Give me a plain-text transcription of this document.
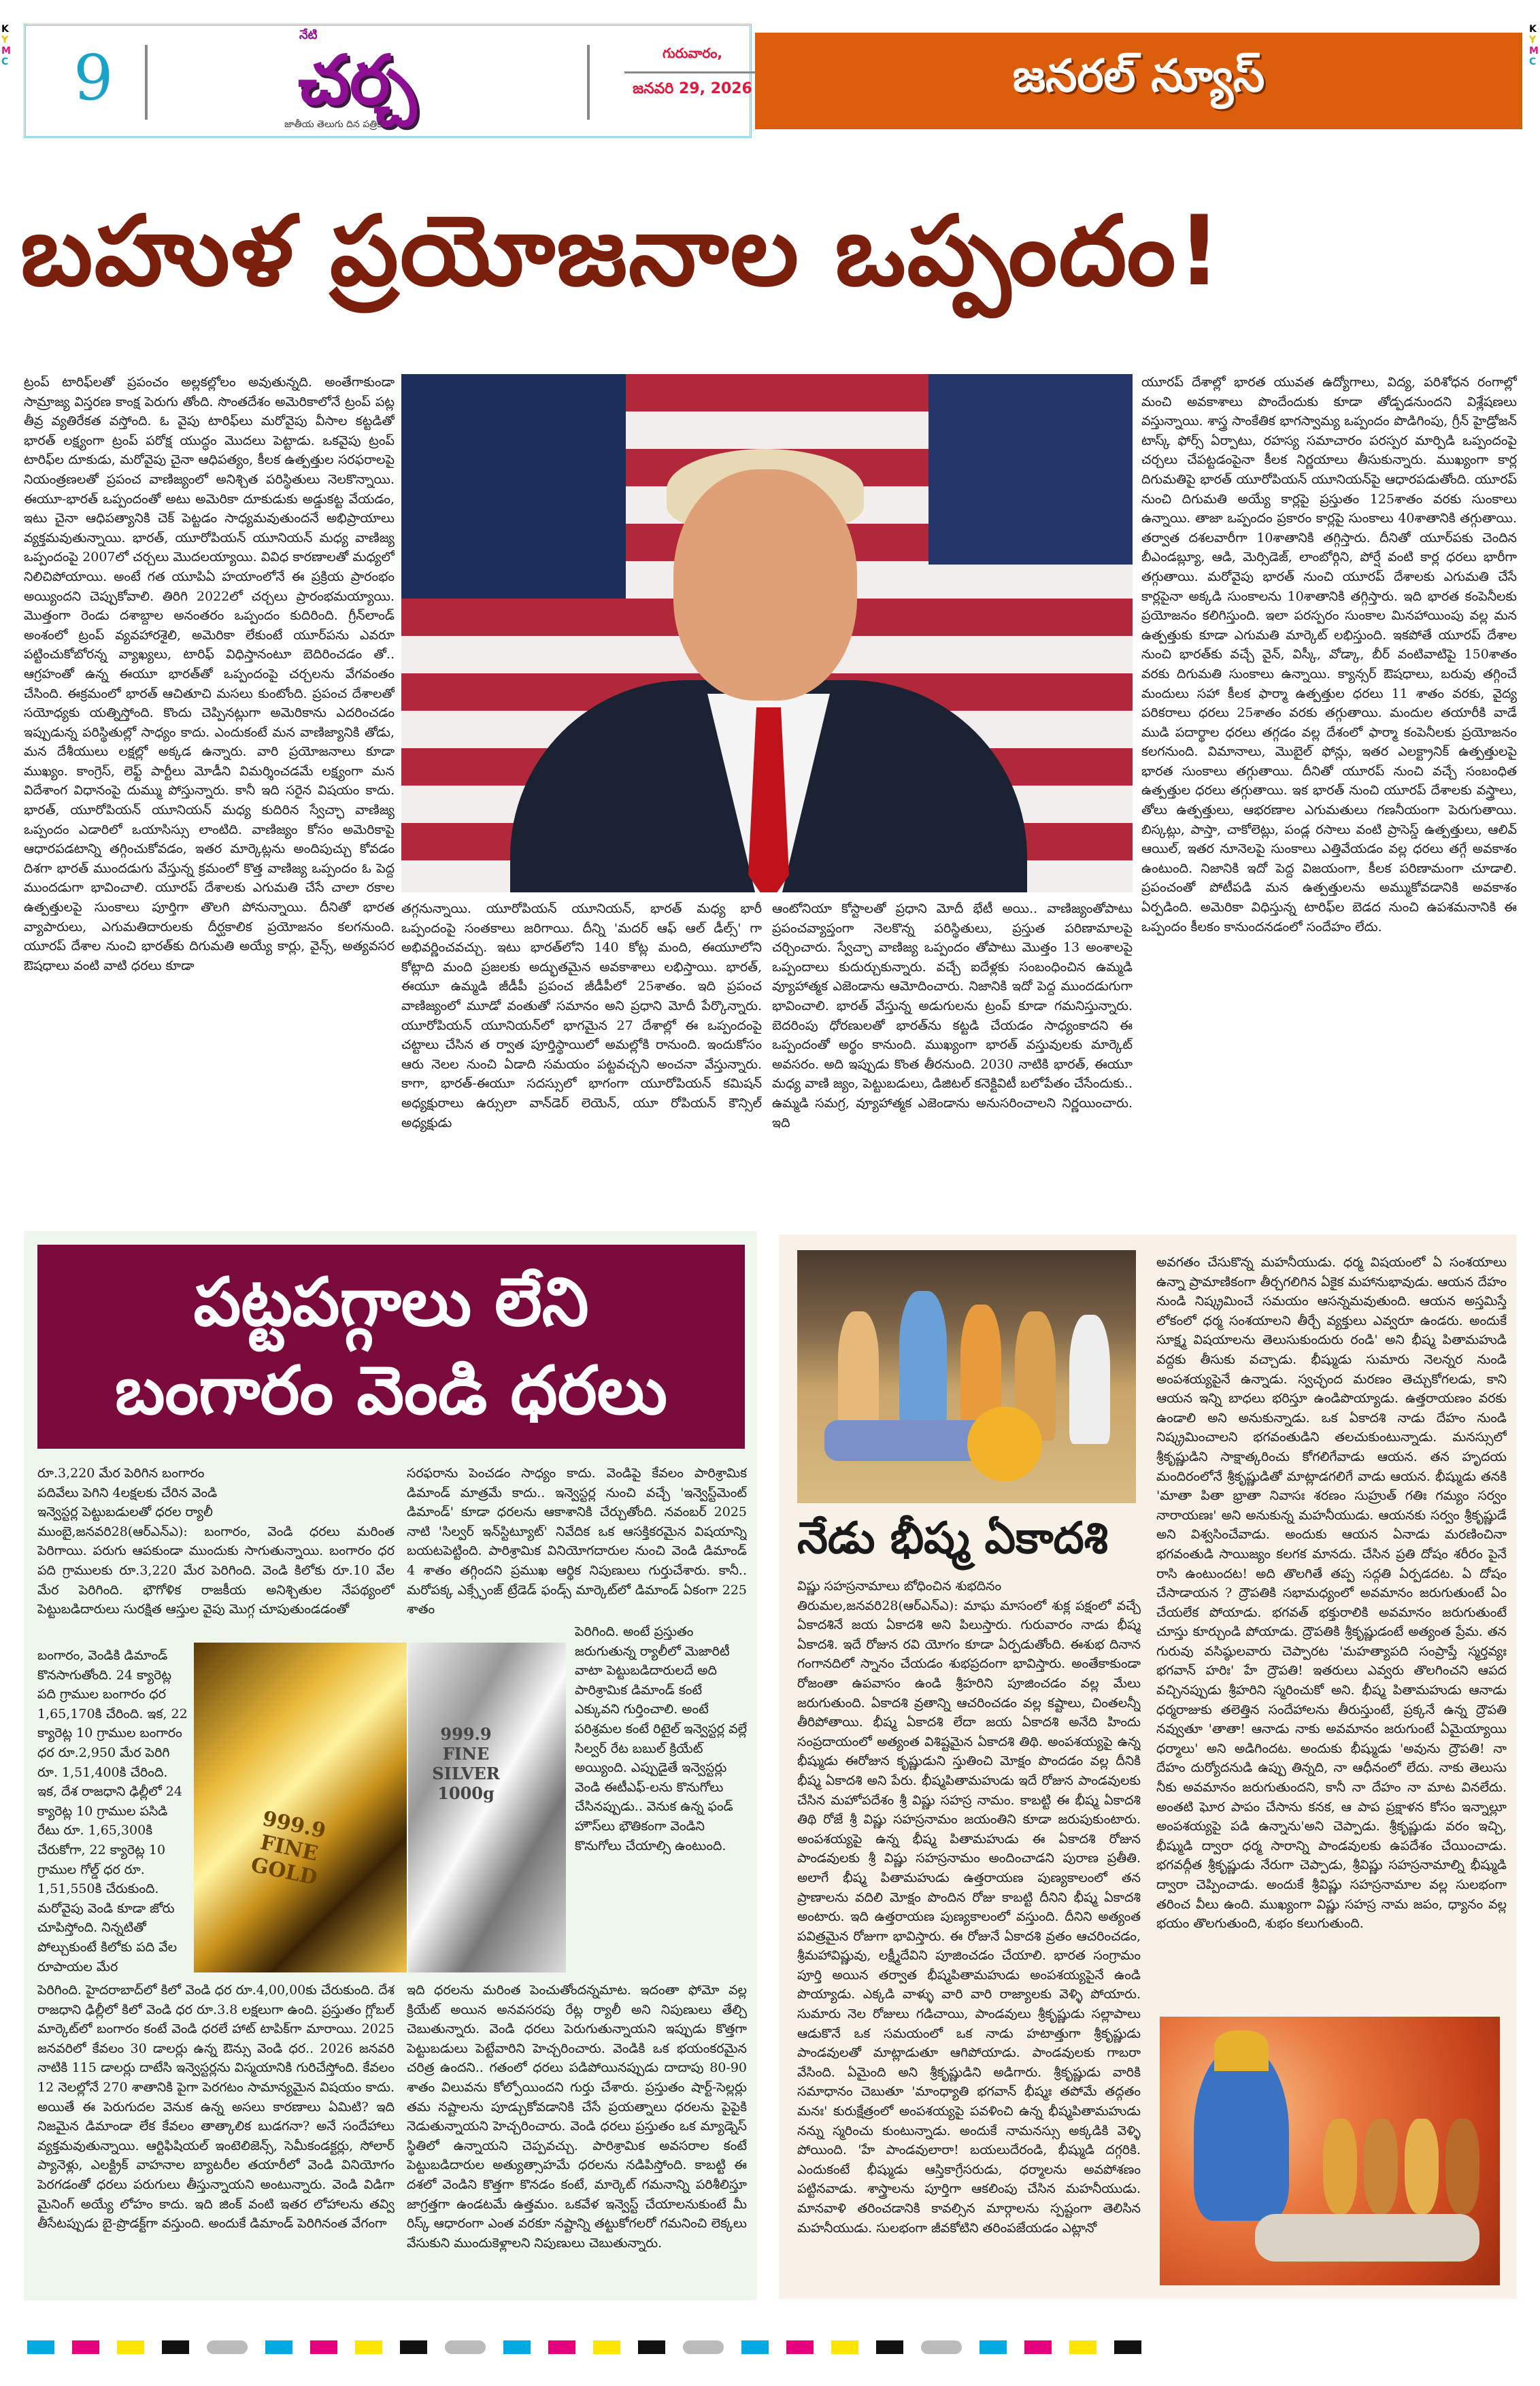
K
Y
M
C
K
Y
M
C
9
నేటి
చర్చ
జాతీయ తెలుగు దిన పత్రిక
గురువారం,
జనవరి 29, 2026	జనరల్ న్యూస్
బహుళ ప్రయోజనాల ఒప్పందం!

ట్రంప్ టారిఫ్‌లతో ప్రపంచం అల్లకల్లోలం అవుతున్నది. అంతేగాకుండా సామ్రాజ్య విస్తరణ కాంక్ష పెరుగు తోంది. సొంతదేశం అమెరికాలోనే ట్రంప్ పట్ల తీవ్ర వ్యతిరేకత వస్తోంది. ఓ వైపు టారిఫ్‌లు మరోవైపు వీసాల కట్టడితో భారత్ లక్ష్యంగా ట్రంప్ పరోక్ష యుద్ధం మొదలు పెట్టాడు. ఒకవైపు ట్రంప్ టారిఫ్‌ల దూకుడు, మరోవైపు చైనా ఆధిపత్యం, కీలక ఉత్పత్తుల సరఫరాలపై నియంత్రణలతో ప్రపంచ వాణిజ్యంలో అనిశ్చిత పరిస్థితులు నెలకొన్నాయి. ఈయూ-భారత్ ఒప్పందంతో అటు అమెరికా దూకుడుకు అడ్డుకట్ట వేయడం, ఇటు చైనా ఆధిపత్యానికి చెక్ పెట్టడం సాధ్యమవుతుందనే అభిప్రాయాలు వ్యక్తమవుతున్నాయి. భారత్, యూరోపియన్ యూనియన్ మధ్య వాణిజ్య ఒప్పందంపై 2007లో చర్చలు మొదలయ్యాయి. వివిధ కారణాలతో మధ్యలో నిలిచిపోయాయి. అంటే గత యూపిఏ హయాంలోనే ఈ ప్రక్రియ ప్రారంభం అయ్యిందని చెప్పుకోవాలి. తిరిగి 2022లో చర్చలు ప్రారంభమయ్యాయి. మొత్తంగా రెండు దశాబ్దాల అనంతరం ఒప్పందం కుదిరింది. గ్రీన్‌లాండ్ అంశంలో ట్రంప్ వ్యవహారశైలి, అమెరికా లేకుంటే యూర్‌పను ఎవరూ పట్టించుకోబోరన్న వ్యాఖ్యలు, టారిఫ్ విధిస్తానంటూ బెదిరించడం తో.. ఆగ్రహంతో ఉన్న ఈయూ భారత్‌తో ఒప్పందంపై చర్చలను వేగవంతం చేసింది. ఈక్రమంలో భారత్ ఆచితూచి మసలు కుంటోంది. ప్రపంచ దేశాలతో సయోధ్యకు యత్నిస్తోంది. కొందు చెప్పినట్లుగా అమెరికాను ఎదరించడం ఇప్పుడున్న పరిస్థితుల్లో సాధ్యం కాదు. ఎందుకంటే మన వాణిజ్యానికి తోడు, మన దేశీయులు లక్షల్లో అక్కడ ఉన్నారు. వారి ప్రయోజనాలు కూడా ముఖ్యం. కాంగ్రెస్, లెఫ్ట్ పార్టీలు మోడీని విమర్శించడమే లక్ష్యంగా మన విదేశాంగ విధానంపై దుమ్ము పోస్తున్నారు. కానీ ఇది సరైన విషయం కాదు. భారత్, యూరోపియన్ యూనియన్ మధ్య కుదిరిన స్వేచ్ఛా వాణిజ్య ఒప్పందం ఎడారిలో ఒయాసిస్సు లాంటిది. వాణిజ్యం కోసం అమెరికాపై ఆధారపడటాన్ని తగ్గించుకోవడం, ఇతర మార్కెట్లను అందిపుచ్చు కోవడం దిశగా భారత్ ముందడుగు వేస్తున్న క్రమంలో కొత్త వాణిజ్య ఒప్పందం ఓ పెద్ద ముందడుగా భావించాలి. యూరప్ దేశాలకు ఎగుమతి చేసే చాలా రకాల ఉత్పత్తులపై సుంకాలు పూర్తిగా తొలగి పోనున్నాయి. దీనితో భారత వ్యాపారులు, ఎగుమతిదారులకు దీర్ఘకాలిక ప్రయోజనం కలగనుంది. యూరప్ దేశాల నుంచి భారత్‌కు దిగుమతి అయ్యే కార్లు, వైన్స్, అత్యవసర ఔషధాలు వంటి వాటి ధరలు కూడా

తగ్గనున్నాయి. యూరోపియన్ యూనియన్, భారత్ మధ్య భారీ ఒప్పందంపై సంతకాలు జరిగాయి. దీన్ని 'మదర్ ఆఫ్ ఆల్ డీల్స్' గా అభివర్ణించవచ్చు. ఇటు భారత్‌లోని 140 కోట్ల మంది, ఈయూలోని కోట్లాది మంది ప్రజలకు అద్భుతమైన అవకాశాలు లభిస్తాయి. భారత్, ఈయూ ఉమ్మడి జీడీపీ ప్రపంచ జీడీపీలో 25శాతం. ఇది ప్రపంచ వాణిజ్యంలో మూడో వంతుతో సమానం అని ప్రధాని మోదీ పేర్కొన్నారు. యూరోపియన్ యూనియన్‌లో భాగమైన 27 దేశాల్లో ఈ ఒప్పందంపై చట్టాలు చేసిన త ర్వాత పూర్తిస్థాయిలో అమల్లోకి రానుంది. ఇందుకోసం ఆరు నెలల నుంచి ఏడాది సమయం పట్టవచ్చని అంచనా వేస్తున్నారు. కాగా, భారత్-ఈయూ సదస్సులో భాగంగా యూరోపియన్ కమిషన్ అధ్యక్షురాలు ఉర్సులా వాన్‌డెర్ లెయెన్, యూ రోపియన్ కౌన్సిల్ అధ్యక్షుడు

ఆంటోనియా కోస్టాలతో ప్రధాని మోదీ భేటీ అయి.. వాణిజ్యంతోపాటు ప్రపంచవ్యాప్తంగా నెలకొన్న పరిస్థితులు, ప్రస్తుత పరిణామాలపై చర్చించారు. స్వేచ్ఛా వాణిజ్య ఒప్పందం తోపాటు మొత్తం 13 అంశాలపై ఒప్పందాలు కుదుర్చుకున్నారు. వచ్చే ఐదేళ్లకు సంబంధించిన ఉమ్మడి వ్యూహాత్మక ఎజెండాను ఆమోదించారు. నిజానికి ఇదో పెద్ద ముందడుగుగా భావించాలి. భారత్ వేస్తున్న అడుగులను ట్రంప్ కూడా గమనిస్తున్నారు. బెదరింపు ధోరణులతో భారత్‌ను కట్టడి చేయడం సాధ్యంకాదని ఈ ఒప్పందంతో అర్థం కానుంది. ముఖ్యంగా భారత్ వస్తువులకు మార్కెట్ అవసరం. అది ఇప్పుడు కొంత తీరనుంది. 2030 నాటికి భారత్, ఈయూ మధ్య వాణి జ్యం, పెట్టుబడులు, డిజిటల్ కనెక్టివిటీ బలోపేతం చేసేందుకు.. ఉమ్మడి సమగ్ర, వ్యూహాత్మక ఎజెండాను అనుసరించాలని నిర్ణయించారు. ఇది

యూరప్ దేశాల్లో భారత యువత ఉద్యోగాలు, విద్య, పరిశోధన రంగాల్లో మంచి అవకాశాలు పొందేందుకు కూడా తోడ్పడనుందని విశ్లేషణలు వస్తున్నాయి. శాస్త్ర సాంకేతిక భాగస్వామ్య ఒప్పందం పొడిగింపు, గ్రీన్ హైడ్రోజన్ టాస్క్ ఫోర్స్ ఏర్పాటు, రహస్య సమాచారం పరస్పర మార్పిడి ఒప్పందంపై చర్చలు చేపట్టడంపైనా కీలక నిర్ణయాలు తీసుకున్నారు. ముఖ్యంగా కార్ల దిగుమతిపై భారత్ యూరోపియన్ యూనియన్‌పై ఆధారపడుతోంది. యూరప్ నుంచి దిగుమతి అయ్యే కార్లపై ప్రస్తుతం 125శాతం వరకు సుంకాలు ఉన్నాయి. తాజా ఒప్పందం ప్రకారం కార్లపై సుంకాలు 40శాతానికి తగ్గుతాయి. తర్వాత దశలవారీగా 10శాతానికి తగ్గిస్తారు. దీనితో యూర్‌పకు చెందిన బీఎండబ్ల్యూ, ఆడి, మెర్సిడెజ్, లాంబోర్గిని, పోర్షే వంటి కార్ల ధరలు భారీగా తగ్గుతాయి. మరోవైపు భారత్ నుంచి యూరప్ దేశాలకు ఎగుమతి చేసే కార్లపైనా అక్కడి సుంకాలను 10శాతానికి తగ్గిస్తారు. ఇది భారత కంపెనీలకు ప్రయోజనం కలిగిస్తుంది. ఇలా పరస్పరం సుంకాల మినహాయింపు వల్ల మన ఉత్పత్తుకు కూడా ఎగుమతి మార్కెట్ లభిస్తుంది. ఇకపోతే యూరప్ దేశాల నుంచి భారత్‌కు వచ్చే వైన్, విస్కీ, వోడ్కా, బీర్ వంటివాటిపై 150శాతం వరకు దిగుమతి సుంకాలు ఉన్నాయి. క్యాన్సర్ ఔషధాలు, బరువు తగ్గించే మందులు సహా కీలక ఫార్మా ఉత్పత్తుల ధరలు 11 శాతం వరకు, వైద్య పరికరాలు ధరలు 25శాతం వరకు తగ్గుతాయి. మందుల తయారీకి వాడే ముడి పదార్థాల ధరలు తగ్గడం వల్ల దేశంలో ఫార్మా కంపెనీలకు ప్రయోజనం కలగనుంది. విమానాలు, మొబైల్ ఫోన్లు, ఇతర ఎలక్ట్రానిక్ ఉత్పత్తులపై భారత సుంకాలు తగ్గుతాయి. దీనితో యూరప్ నుంచి వచ్చే సంబంధిత ఉత్పత్తుల ధరలు తగ్గుతాయి. ఇక భారత్ నుంచి యూరప్ దేశాలకు వస్త్రాలు, తోలు ఉత్పత్తులు, ఆభరణాల ఎగుమతులు గణనీయంగా పెరుగుతాయి. బిస్కట్లు, పాస్తా, చాకోలెట్లు, పండ్ల రసాలు వంటి ప్రాసెస్డ్ ఉత్పత్తులు, ఆలివ్ ఆయిల్, ఇతర నూనెలపై సుంకాలు ఎత్తివేయడం వల్ల ధరలు తగ్గే అవకాశం ఉంటుంది. నిజానికి ఇదో పెద్ద విజయంగా, కీలక పరిణామంగా చూడాలి. ప్రపంచంతో పోటీపడి మన ఉత్పత్తులను అమ్ముకోవడానికి అవకాశం ఏర్పడింది. అమెరికా విధిస్తున్న టారిఫ్‌ల బెడద నుంచి ఉపశమనానికి ఈ ఒప్పందం కీలకం కానుందనడంలో సందేహం లేదు.

పట్టపగ్గాలు లేని
బంగారం వెండి ధరలు

రూ.3,220 మేర పెరిగిన బంగారం

పదివేలు పెగిని 4లక్షలకు చేరిన వెండి

ఇన్వెస్టర్ల పెట్టుబడులతో ధరల ర్యాలీ

ముంబై,జనవరి28(ఆర్‌ఎన్‌ఎ): బంగారం, వెండి ధరలు మరింత పెరిగాయి. పరుగు ఆపకుండా ముందుకు సాగుతున్నాయి. బంగారం ధర పది గ్రాములకు రూ.3,220 మేర పెరిగింది. వెండి కిలోకు రూ.10 వేల మేర పెరిగింది. భౌగోళిక రాజకీయ అనిశ్చితుల నేపథ్యంలో పెట్టుబడిదారులు సురక్షిత ఆస్తుల వైపు మొగ్గ చూపుతుండడంతో

బంగారం, వెండికి డిమాండ్ కొనసాగుతోంది. 24 క్యారెట్ల పది గ్రాముల బంగారం ధర 1,65,170కి చేరింది. ఇక, 22 క్యారెట్ల 10 గ్రాముల బంగారం ధర రూ.2,950 మేర పెరిగి రూ. 1,51,400కి చేరింది. ఇక, దేశ రాజధాని ఢిల్లీలో 24 క్యారెట్ల 10 గ్రాముల పసిడి రేటు రూ. 1,65,300కి చేరుకోగా, 22 క్యారెట్ల 10 గ్రాముల గోల్డ్ ధర రూ. 1,51,550కి చేరుకుంది. మరోవైపు వెండి కూడా జోరు చూపిస్తోంది. నిన్నటితో పోల్చుకుంటే కిలోకు పది వేల రూపాయల మేర

999.9 FINE GOLD
999.9 FINE SILVER 1000g

పెరిగింది. హైదరాబాద్‌లో కిలో వెండి ధర రూ.4,00,00కు చేరుకుంది. దేశ రాజధాని ఢిల్లీలో కిలో వెండి ధర రూ.3.8 లక్షలుగా ఉంది. ప్రస్తుతం గ్లోబల్ మార్కెట్‌లో బంగారం కంటే వెండి ధరలే హాట్ టాపిక్‌గా మారాయి. 2025 జనవరిలో కేవలం 30 డాలర్లు ఉన్న ఔన్సు వెండి ధర.. 2026 జనవరి నాటికి 115 డాలర్లు దాటేసి ఇన్వెస్టర్లను విస్మయానికి గురిచేస్తోంది. కేవలం 12 నెలల్లోనే 270 శాతానికి పైగా పెరగటం సామాన్యమైన విషయం కాదు. అయితే ఈ పెరుగుదల వెనుక ఉన్న అసలు కారణాలు ఏమిటి? ఇది నిజమైన డిమాండా లేక కేవలం తాత్కాలిక బుడగనా? అనే సందేహాలు వ్యక్తమవుతున్నాయి. ఆర్టిఫిషియల్ ఇంటెలిజెన్స్, సెమీకండక్టర్లు, సోలార్ ప్యానెళ్లు, ఎలక్ట్రిక్ వాహనాల బ్యాటరీల తయారీలో వెండి వినియోగం పెరగడంతో ధరలు పరుగులు తీస్తున్నాయని అంటున్నారు. వెండి విడిగా మైనింగ్ అయ్యే లోహం కాదు. ఇది జింక్ వంటి ఇతర లోహాలను తవ్వి తీసేటప్పుడు బై-ప్రొడక్ట్‌గా వస్తుంది. అందుకే డిమాండ్ పెరిగినంత వేగంగా

సరఫరాను పెంచడం సాధ్యం కాదు. వెండిపై కేవలం పారిశ్రామిక డిమాండ్ మాత్రమే కాదు.. ఇన్వెస్టర్ల నుంచి వచ్చే 'ఇన్వెస్ట్‌మెంట్ డిమాండ్' కూడా ధరలను ఆకాశానికి చేర్చుతోంది. నవంబర్ 2025 నాటి 'సిల్వర్ ఇన్‌స్టిట్యూట్' నివేదిక ఒక ఆసక్తికరమైన విషయాన్ని బయటపెట్టింది. పారిశ్రామిక వినియోగదారుల నుంచి వెండి డిమాండ్ 4 శాతం తగ్గిందని ప్రముఖ ఆర్థిక నిపుణులు గుర్తుచేశారు. కానీ.. మరోపక్క ఎక్స్ఛేంజ్ ట్రేడెడ్ ఫండ్స్ మార్కెట్‌లో డిమాండ్ ఏకంగా 225 శాతం

పెరిగింది. అంటే ప్రస్తుతం జరుగుతున్న ర్యాలీలో మెజారిటీ వాటా పెట్టుబడిదారులదే అది పారిశ్రామిక డిమాండ్ కంటే ఎక్కువని గుర్తించాలి. అంటే పరిశ్రమల కంటే రిటైల్ ఇన్వెస్టర్ల వల్లే సిల్వర్ రేట బబుల్ క్రియేట్ అయ్యింది. ఎప్పుడైతే ఇన్వెస్టర్లు వెండి ఈటీఎఫ్-లను కొనుగోలు చేసినప్పుడు.. వెనుక ఉన్న ఫండ్ హౌస్‌లు భౌతికంగా వెండిని కొనుగోలు చేయాల్సి ఉంటుంది.

ఇది ధరలను మరింత పెంచుతోందన్నమాట. ఇదంతా ఫోమో వల్ల క్రియేట్ అయిన అనవసరపు రేట్ల ర్యాలీ అని నిపుణులు తేల్చి చెబుతున్నారు. వెండి ధరలు పెరుగుతున్నాయని ఇప్పుడు కొత్తగా పెట్టుబడులు పెట్టేవారిని హెచ్చరించారు. వెండికి ఒక భయంకరమైన చరిత్ర ఉందని.. గతంలో ధరలు పడిపోయినప్పుడు దాదాపు 80-90 శాతం విలువను కోల్పోయిందని గుర్తు చేశారు. ప్రస్తుతం షార్ట్-సెల్లర్లు తమ నష్టాలను పూడ్చుకోవడానికి చేసే ప్రయత్నాలు ధరలను పైపైకి నెడుతున్నాయని హెచ్చరించారు. వెండి ధరలు ప్రస్తుతం ఒక మ్యాడ్నెస్ స్థితిలో ఉన్నాయని చెప్పవచ్చు. పారిశ్రామిక అవసరాల కంటే పెట్టుబడిదారుల అత్యుత్సాహమే ధరలను నడిపిస్తోంది. కాబట్టి ఈ దశలో వెండిని కొత్తగా కొనడం కంటే, మార్కెట్ గమనాన్ని పరిశీలిస్తూ జాగ్రత్తగా ఉండటమే ఉత్తమం. ఒకవేళ ఇన్వెస్ట్ చేయాలనుకుంటే మీ రిస్క్ ఆధారంగా ఎంత వరకూ నష్టాన్ని తట్టుకోగలరో గమనించి లెక్కలు వేసుకుని ముందుకెళ్లాలని నిపుణులు చెబుతున్నారు.

నేడు భీష్మ ఏకాదశి

విష్ణు సహస్రనామాలు బోధించిన శుభదినం

తిరుమల,జనవరి28(ఆర్‌ఎన్‌ఎ): మాఘ మాసంలో శుక్ల పక్షంలో వచ్చే ఏకాదశినే జయ ఏకాదశి అని పిలుస్తారు. గురువారం నాడు భీష్మ ఏకాదశి. ఇదే రోజున రవి యోగం కూడా ఏర్పడుతోంది. ఈశుభ దినాన గంగానదిలో స్నానం చేయడం శుభప్రదంగా భావిస్తారు. అంతేకాకుండా రోజంతా ఉపవాసం ఉండి శ్రీహరిని పూజించడం వల్ల మేలు జరుగుతుంది. ఏకాదశి వ్రతాన్ని ఆచరించడం వల్ల కష్టాలు, చింతలన్నీ తీరిపోతాయి. భీష్మ ఏకాదశి లేదా జయ ఏకాదశి అనేది హిందు సంప్రదాయంలో అత్యంత విశిష్టమైన ఏకాదశి తిథి. అంపశయ్యపై ఉన్న భీష్ముడు ఈరోజున కృష్ణుడుని స్తుతించి మోక్షం పొందడం వల్ల దీనికి భీష్మ ఏకాదశి అని పేరు. భీష్మపితామహుడు ఇదే రోజున పాండవులకు చేసిన మహోపదేశం శ్రీ విష్ణు సహస్ర నామం. కాబట్టి ఈ భీష్మ ఏకాదశి తిథి రోజే శ్రీ విష్ణు సహస్రనామం జయంతిని కూడా జరుపుకుంటారు. అంపశయ్యపై ఉన్న భీష్మ పితామహుడు ఈ ఏకాదశి రోజున పాండవులకు శ్రీ విష్ణు సహస్రనామం అందించాడని పురాణ ప్రతీతి. అలాగే భీష్మ పితామహుడు ఉత్తరాయణ పుణ్యకాలంలో తన ప్రాణాలను వదిలి మోక్షం పొందిన రోజు కాబట్టి దీనిని భీష్మ ఏకాదశి అంటారు. ఇది ఉత్తరాయణ పుణ్యకాలంలో వస్తుంది. దీనిని అత్యంత పవిత్రమైన రోజుగా భావిస్తారు. ఈ రోజునే ఏకాదశి వ్రతం ఆచరించడం, శ్రీమహావిష్ణువు, లక్ష్మీదేవిని పూజించడం చేయాలి. భారత సంగ్రామం పూర్తి అయిన తర్వాత భీష్మపితామహుడు అంపశయ్యపైనే ఉండి పొయ్యాడు. ఎక్కడి వాళ్ళు వారి వారి రాజ్యాలకు వెళ్ళి పోయారు. సుమారు నెల రోజులు గడిచాయి, పాండవులు శ్రీకృష్ణుడు సల్లాపాలు ఆడుకొనే ఒక సమయంలో ఒక నాడు హటాత్తుగా శ్రీకృష్ణుడు పాండవులతో మాట్లాడుతూ ఆగిపోయాడు. పాండవులకు గాబరా వేసింది. ఏమైంది అని శ్రీకృష్ణుడిని అడిగారు. శ్రీకృష్ణుడు వారికి సమాధానం చెబుతూ 'మాంధ్యాతి భగవాన్ భీష్మః తపోమే తద్గతం మనః' కురుక్షేత్రంలో అంపశయ్యపై పవళించి ఉన్న భీష్మపితామహుడు నన్ను స్మరించు కుంటున్నాడు. అందుకే నామనస్సు అక్కడికి వెళ్ళి పోయింది. 'హే పాండవులారా! బయలుదేరండి, భీష్ముడి దగ్గరికి. ఎందుకంటే భీష్ముడు ఆస్తికాగ్రేసరుడు, ధర్మాలను అవపోశణం పట్టినవాడు. శాస్త్రాలను పూర్తిగా ఆకలింపు చేసిన మహనీయుడు. మానవాళి తరించడానికి కావల్సిన మార్గాలను స్పష్టంగా తెలిసిన మహనీయుడు. సులభంగా జీవకోటిని తరింపజేయడం ఎట్లానో

అవగతం చేసుకొన్న మహనీయుడు. ధర్మ విషయంలో ఏ సంశయాలు ఉన్నా ప్రామాణికంగా తీర్చగలిగిన ఏకైక మహానుభావుడు. ఆయన దేహం నుండి నిష్క్రమించే సమయం ఆసన్నమవుతుంది. ఆయన అస్తమిస్తే లోకంలో ధర్మ సంశయాలని తీర్చే వ్యక్తులు ఎవ్వరూ ఉండరు. అందుకే సూక్ష్మ విషయాలను తెలుసుకుందురు రండి' అని భీష్మ పితామహుడి వద్దకు తీసుకు వచ్చాడు. భీష్ముడు సుమారు నెలన్నర నుండి అంపశయ్యపైనే ఉన్నాడు. స్వచ్ఛంద మరణం తెచ్చుకోగలడు, కాని ఆయన ఇన్ని బాధలు భరిస్తూ ఉండిపొయ్యాడు. ఉత్తరాయణం వరకు ఉండాలి అని అనుకున్నాడు. ఒక ఏకాదశి నాడు దేహం నుండి నిష్క్రమించాలని భగవంతుడిని తలచుకుంటున్నాడు. మనస్సులో శ్రీకృష్ణుడిని సాక్షాత్కరించు కోగలిగేవాడు ఆయన. తన హృదయ మందిరంలోనే శ్రీకృష్ణుడితో మాట్లాడగలిగే వాడు ఆయన. భీష్ముడు తనకి 'మాతా పితా భ్రాతా నివాసః శరణం సుహ్రుత్ గతిః గమ్యం సర్వం నారాయణః' అని అనుకున్న మహనీయుడు. ఆయనకు సర్వం శ్రీకృష్ణుడే అని విశ్వసించేవాడు. అందుకు ఆయన ఏనాడు మరణించినా భగవంతుడి సాయిజ్యం కలగక మానదు. చేసిన ప్రతి దోషం శరీరం పైనే రాసి ఉంటుందట! అది తొలగితే తప్ప సద్గతి ఏర్పడదట. ఏ దోషం చేసాడాయన ? ద్రౌపతికి సభామధ్యంలో అవమానం జరుగుతుంటే ఏం చేయలేక పోయాడు. భగవత్ భక్తురాలికి అవమానం జరుగుతుంటే చూస్తు కూర్చుండి పోయాడు. ద్రౌపతికి శ్రీకృష్ణుడంటే అత్యంత ప్రేమ. తన గురువు వసిష్ఠులవారు చెప్పారట 'మహత్యాపది సంప్రాప్తే స్మర్తవ్యః భగవాన్ హరిః' హే ద్రౌపతి! ఇతరులు ఎవ్వరు తొలగించని ఆపద వచ్చినప్పుడు శ్రీహరిని స్మరించుకో అని. భీష్మ పితామహుడు ఆనాడు ధర్మరాజుకు తలెత్తిన సందేహాలను తీరుస్తుంటే, ప్రక్కనే ఉన్న ద్రౌపతి నవ్వుతూ 'తాతా! ఆనాడు నాకు అవమానం జరుగుంటే ఏమైయ్యాయి ధర్మాలు' అని అడిగిందట. అందుకు భీష్ముడు 'అవును ద్రౌపతి! నా దేహం దుర్యోదనుడి ఉప్పు తిన్నది, నా ఆధీనంలో లేదు. నాకు తెలుసు నీకు అవమానం జరుగుతుందని, కానీ నా దేహం నా మాట వినలేదు. అంతటి ఘోర పాపం చేసాను కనక, ఆ పాప ప్రక్షాళన కోసం ఇన్నాల్లూ అంపశయ్యపై పడి ఉన్నాను'అని చెప్పాడు. శ్రీకృష్ణుడు వరం ఇచ్చి, భీష్ముడి ద్వారా ధర్మ సారాన్ని పాండవులకు ఉపదేశం చేయించాడు. భగవద్గీత శ్రీకృష్ణుడు నేరుగా చెప్పాడు, శ్రీవిష్ణు సహస్రనామాల్ని భీష్ముడి ద్వారా చెప్పించాడు. అందుకే శ్రీవిష్ణు సహస్రనామాల వల్ల సులభంగా తరించ వీలు ఉంది. ముఖ్యంగా విష్ణు సహస్ర నామ జపం, ధ్యానం వల్ల భయం తొలగుతుంది, శుభం కలుగుతుంది.
